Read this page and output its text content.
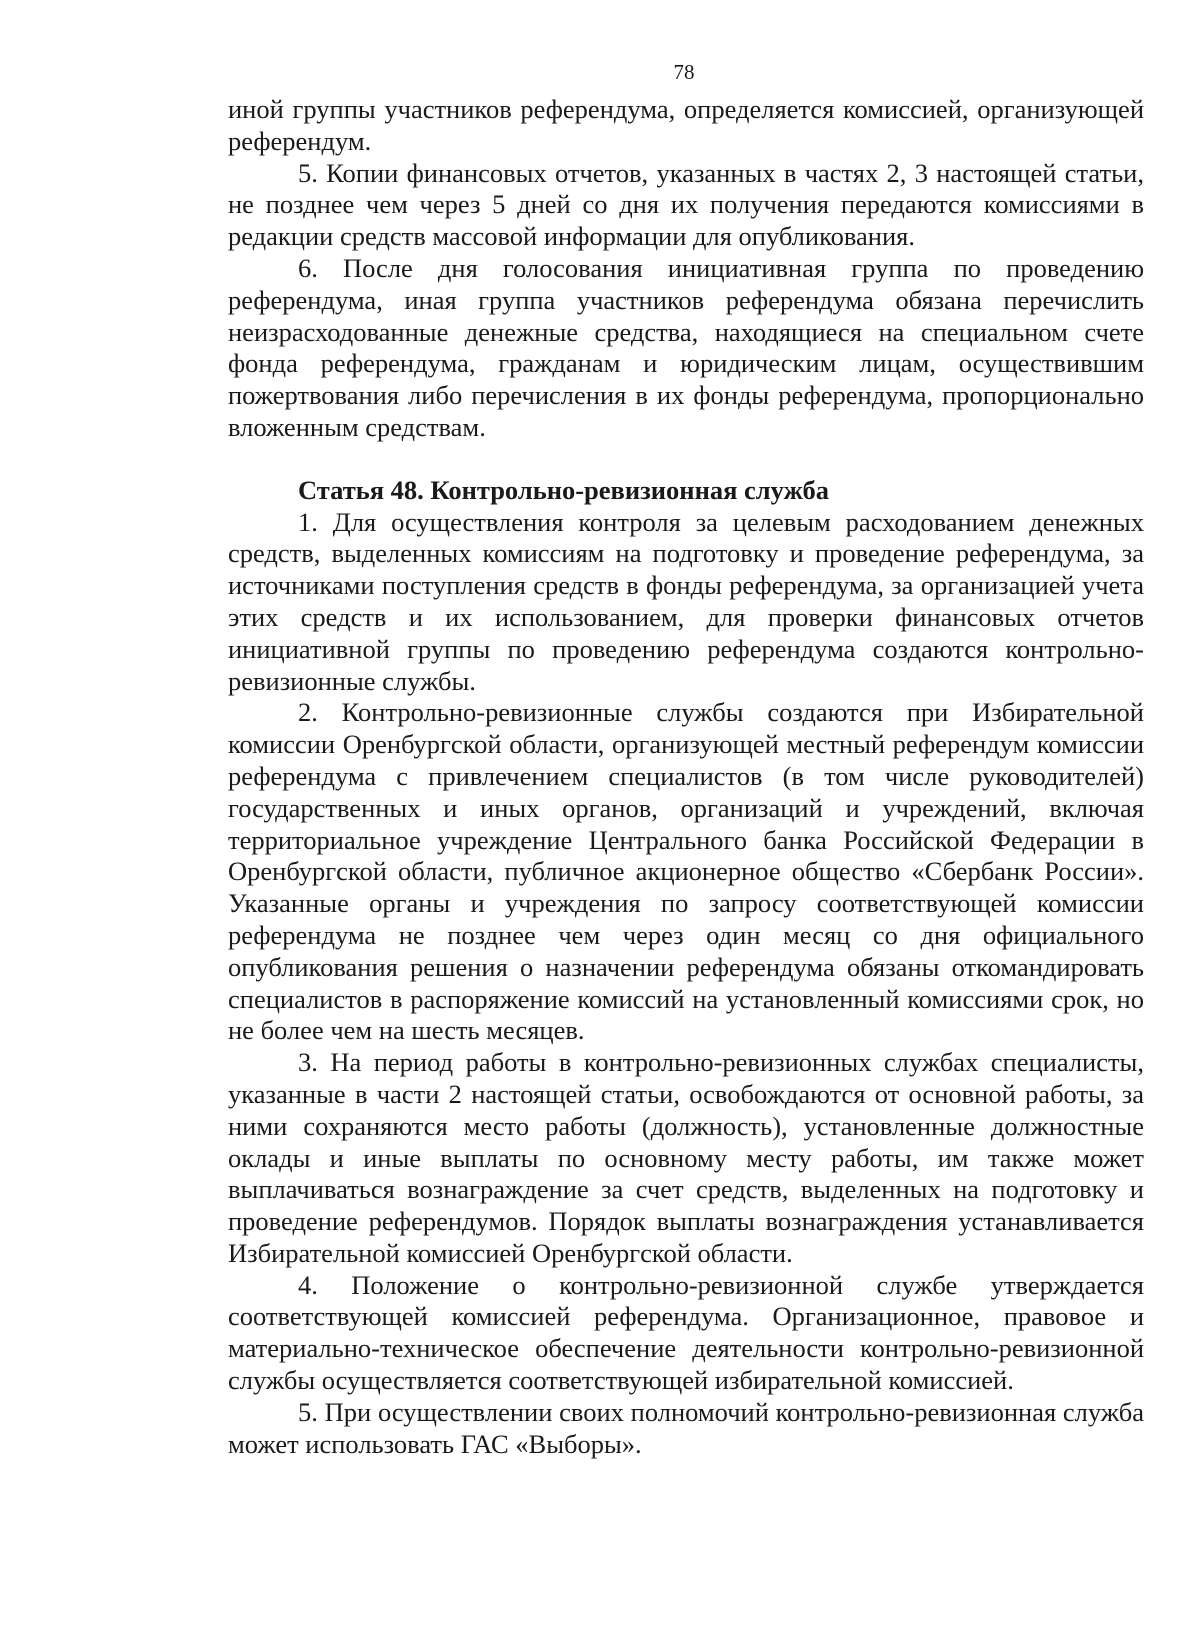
78

иной группы участников референдума, определяется комиссией, организующей референдум.

5. Копии финансовых отчетов, указанных в частях 2, 3 настоящей статьи, не позднее чем через 5 дней со дня их получения передаются комиссиями в редакции средств массовой информации для опубликования.

6. После дня голосования инициативная группа по проведению референдума, иная группа участников референдума обязана перечислить неизрасходованные денежные средства, находящиеся на специальном счете фонда референдума, гражданам и юридическим лицам, осуществившим пожертвования либо перечисления в их фонды референдума, пропорционально вложенным средствам.

Статья 48. Контрольно-ревизионная служба

1. Для осуществления контроля за целевым расходованием денежных средств, выделенных комиссиям на подготовку и проведение референдума, за источниками поступления средств в фонды референдума, за организацией учета этих средств и их использованием, для проверки финансовых отчетов инициативной группы по проведению референдума создаются контрольно-ревизионные службы.

2. Контрольно-ревизионные службы создаются при Избирательной комиссии Оренбургской области, организующей местный референдум комиссии референдума с привлечением специалистов (в том числе руководителей) государственных и иных органов, организаций и учреждений, включая территориальное учреждение Центрального банка Российской Федерации в Оренбургской области, публичное акционерное общество «Сбербанк России». Указанные органы и учреждения по запросу соответствующей комиссии референдума не позднее чем через один месяц со дня официального опубликования решения о назначении референдума обязаны откомандировать специалистов в распоряжение комиссий на установленный комиссиями срок, но не более чем на шесть месяцев.

3. На период работы в контрольно-ревизионных службах специалисты, указанные в части 2 настоящей статьи, освобождаются от основной работы, за ними сохраняются место работы (должность), установленные должностные оклады и иные выплаты по основному месту работы, им также может выплачиваться вознаграждение за счет средств, выделенных на подготовку и проведение референдумов. Порядок выплаты вознаграждения устанавливается Избирательной комиссией Оренбургской области.

4. Положение о контрольно-ревизионной службе утверждается соответствующей комиссией референдума. Организационное, правовое и материально-техническое обеспечение деятельности контрольно-ревизионной службы осуществляется соответствующей избирательной комиссией.

5. При осуществлении своих полномочий контрольно-ревизионная служба может использовать ГАС «Выборы».
